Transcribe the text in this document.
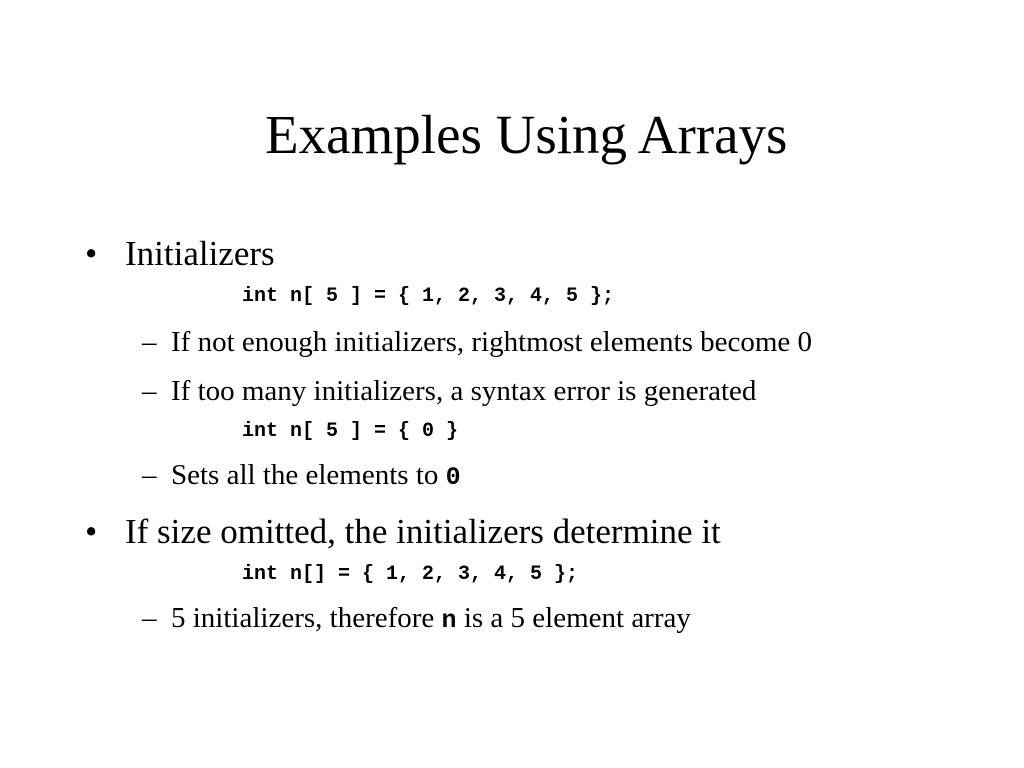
Examples Using Arrays
• Initializers
int n[ 5 ] = { 1, 2, 3, 4, 5 };
– If not enough initializers, rightmost elements become 0
– If too many initializers, a syntax error is generated
int n[ 5 ] = { 0 }
– Sets all the elements to 0
• If size omitted, the initializers determine it
int n[] = { 1, 2, 3, 4, 5 };
– 5 initializers, therefore n is a 5 element array
